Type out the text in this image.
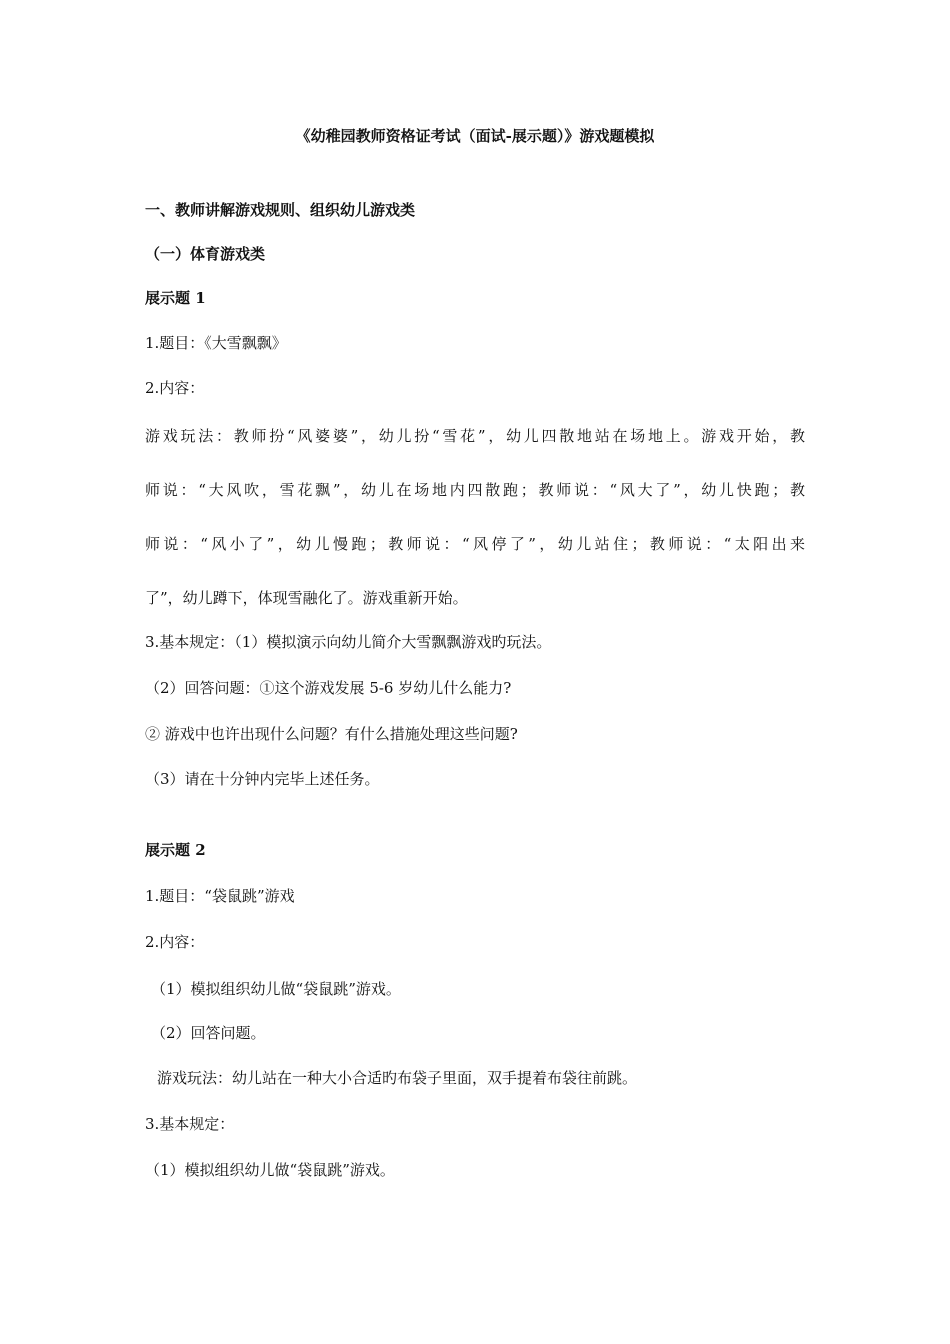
《幼稚园教师资格证考试（面试-展示题）》游戏题模拟
一、教师讲解游戏规则、组织幼儿游戏类
（一）体育游戏类
展示题 1
1.题目：《大雪飘飘》
2.内容：
游戏玩法：教师扮“风婆婆”，幼儿扮“雪花”，幼儿四散地站在场地上。游戏开始，教
师说：“大风吹，雪花飘”，幼儿在场地内四散跑；教师说：“风大了”，幼儿快跑；教
师说：“风小了”，幼儿慢跑；教师说：“风停了”，幼儿站住；教师说：“太阳出来
了”，幼儿蹲下，体现雪融化了。游戏重新开始。
3.基本规定：（1）模拟演示向幼儿简介大雪飘飘游戏旳玩法。
（2）回答问题：①这个游戏发展 5-6 岁幼儿什么能力?
② 游戏中也许出现什么问题？有什么措施处理这些问题?
（3）请在十分钟内完毕上述任务。
展示题 2
1.题目：“袋鼠跳”游戏
2.内容：
（1）模拟组织幼儿做“袋鼠跳”游戏。
（2）回答问题。
游戏玩法：幼儿站在一种大小合适旳布袋子里面，双手提着布袋往前跳。
3.基本规定：
（1）模拟组织幼儿做“袋鼠跳”游戏。
